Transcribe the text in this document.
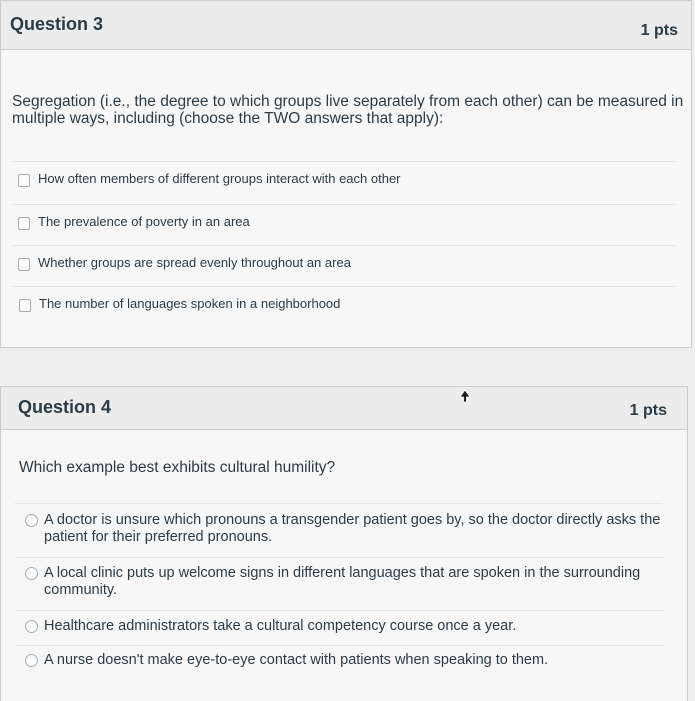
Question 3	1 pts
Segregation (i.e., the degree to which groups live separately from each other) can be measured in multiple ways, including (choose the TWO answers that apply):
How often members of different groups interact with each other
The prevalence of poverty in an area
Whether groups are spread evenly throughout an area
The number of languages spoken in a neighborhood
Question 4	1 pts
Which example best exhibits cultural humility?
A doctor is unsure which pronouns a transgender patient goes by, so the doctor directly asks the patient for their preferred pronouns.
A local clinic puts up welcome signs in different languages that are spoken in the surrounding community.
Healthcare administrators take a cultural competency course once a year.
A nurse doesn't make eye-to-eye contact with patients when speaking to them.
